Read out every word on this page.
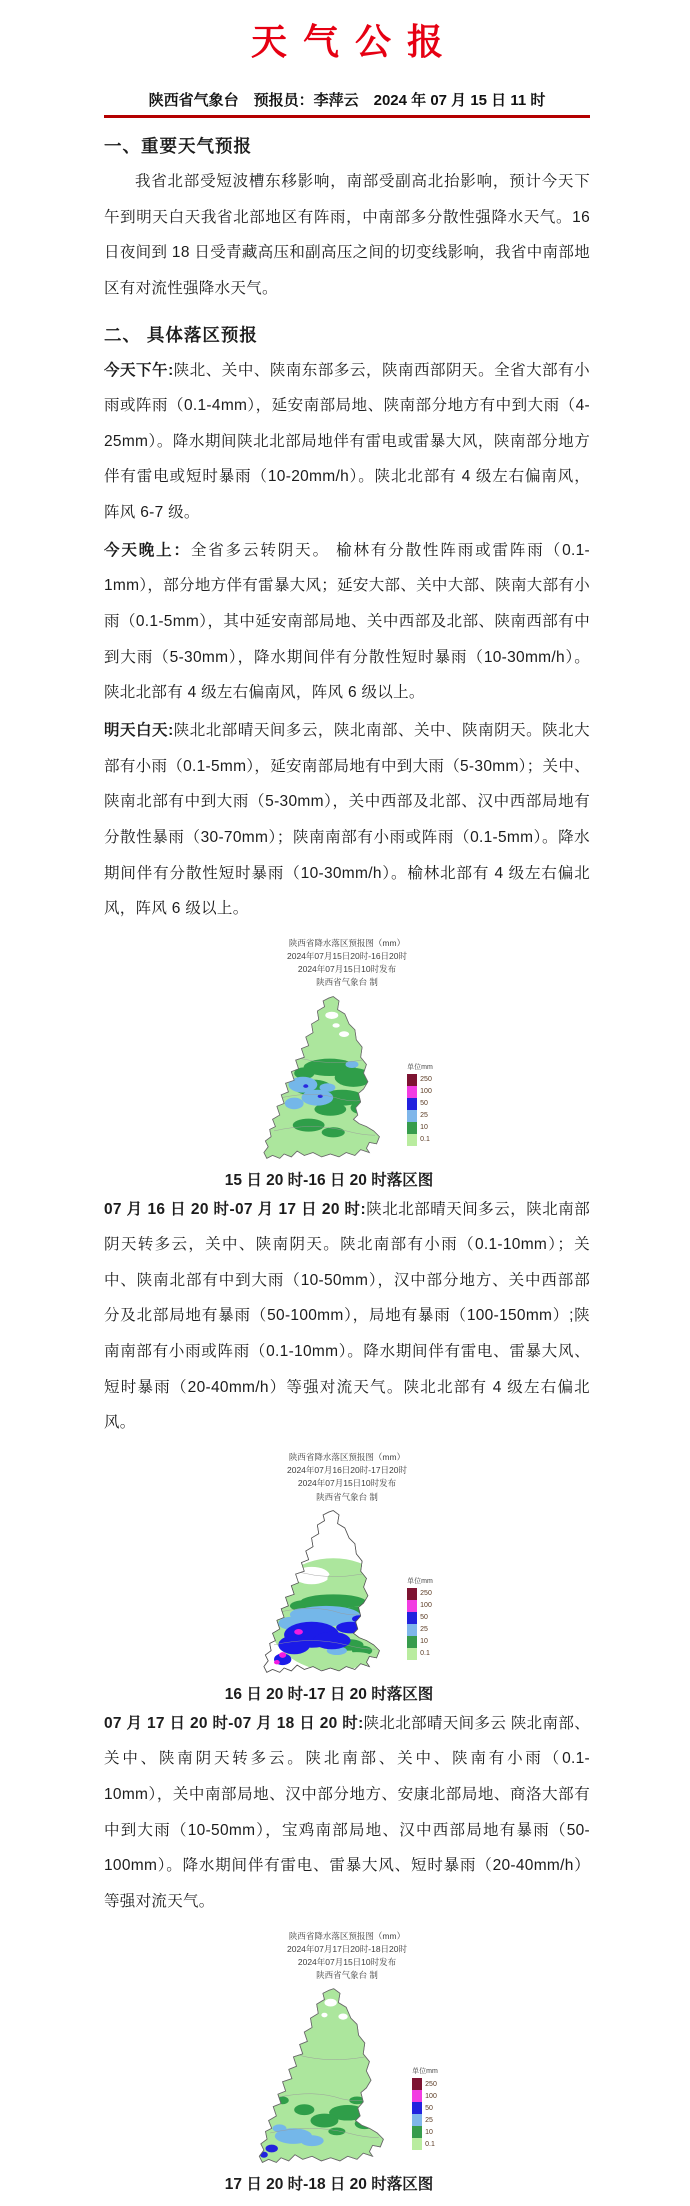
天气公报
陕西省气象台　预报员：李萍云　2024 年 07 月 15 日 11 时
一、重要天气预报

我省北部受短波槽东移影响，南部受副高北抬影响，预计今天下午到明天白天我省北部地区有阵雨，中南部多分散性强降水天气。16 日夜间到 18 日受青藏高压和副高压之间的切变线影响，我省中南部地区有对流性强降水天气。

二、 具体落区预报

今天下午:陕北、关中、陕南东部多云，陕南西部阴天。全省大部有小雨或阵雨（0.1-4mm），延安南部局地、陕南部分地方有中到大雨（4-25mm）。降水期间陕北北部局地伴有雷电或雷暴大风，陕南部分地方伴有雷电或短时暴雨（10-20mm/h）。陕北北部有 4 级左右偏南风，阵风 6-7 级。

今天晚上：全省多云转阴天。 榆林有分散性阵雨或雷阵雨（0.1-1mm），部分地方伴有雷暴大风；延安大部、关中大部、陕南大部有小雨（0.1-5mm），其中延安南部局地、关中西部及北部、陕南西部有中到大雨（5-30mm），降水期间伴有分散性短时暴雨（10-30mm/h）。陕北北部有 4 级左右偏南风，阵风 6 级以上。

明天白天:陕北北部晴天间多云，陕北南部、关中、陕南阴天。陕北大部有小雨（0.1-5mm），延安南部局地有中到大雨（5-30mm）；关中、陕南北部有中到大雨（5-30mm），关中西部及北部、汉中西部局地有分散性暴雨（30-70mm）；陕南南部有小雨或阵雨（0.1-5mm）。降水期间伴有分散性短时暴雨（10-30mm/h）。榆林北部有 4 级左右偏北风，阵风 6 级以上。

陕西省降水落区预报图（mm）
2024年07月15日20时-16日20时
2024年07月15日10时发布
陕西省气象台 制
单位mm
250
100
50
25
10
0.1
15 日 20 时-16 日 20 时落区图

07 月 16 日 20 时-07 月 17 日 20 时:陕北北部晴天间多云，陕北南部阴天转多云，关中、陕南阴天。陕北南部有小雨（0.1-10mm）；关中、陕南北部有中到大雨（10-50mm），汉中部分地方、关中西部部分及北部局地有暴雨（50-100mm），局地有暴雨（100-150mm）;陕南南部有小雨或阵雨（0.1-10mm）。降水期间伴有雷电、雷暴大风、短时暴雨（20-40mm/h）等强对流天气。陕北北部有 4 级左右偏北风。

陕西省降水落区预报图（mm）
2024年07月16日20时-17日20时
2024年07月15日10时发布
陕西省气象台 制
单位mm
250
100
50
25
10
0.1
16 日 20 时-17 日 20 时落区图

07 月 17 日 20 时-07 月 18 日 20 时:陕北北部晴天间多云 陕北南部、关中、陕南阴天转多云。陕北南部、关中、陕南有小雨（0.1-10mm），关中南部局地、汉中部分地方、安康北部局地、商洛大部有中到大雨（10-50mm），宝鸡南部局地、汉中西部局地有暴雨（50-100mm）。降水期间伴有雷电、雷暴大风、短时暴雨（20-40mm/h）等强对流天气。

陕西省降水落区预报图（mm）
2024年07月17日20时-18日20时
2024年07月15日10时发布
陕西省气象台 制
单位mm
250
100
50
25
10
0.1
17 日 20 时-18 日 20 时落区图
